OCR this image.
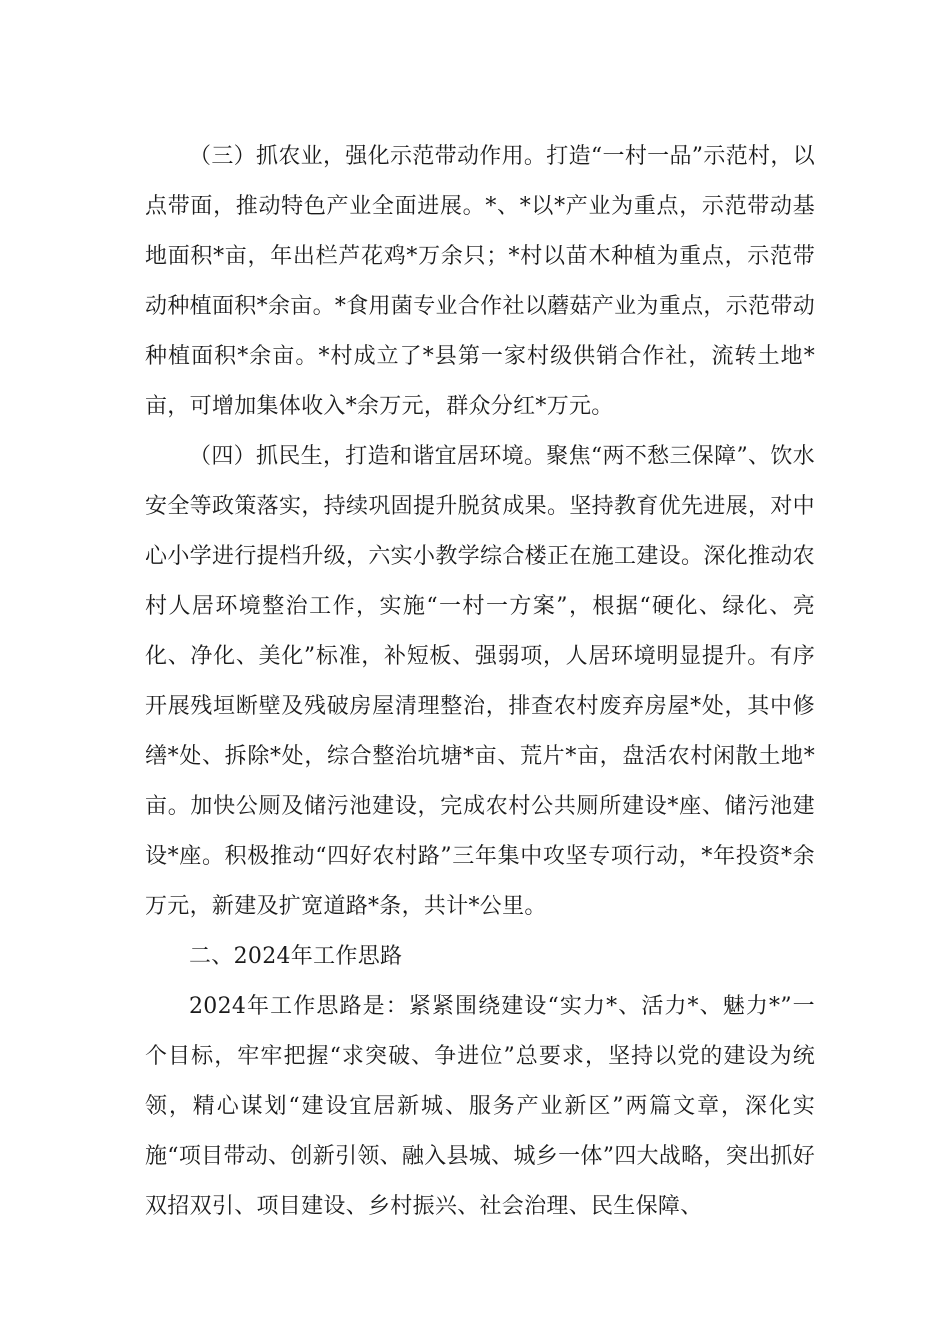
（三）抓农业，强化示范带动作用。打造“一村一品”示范村，以点带面，推动特色产业全面进展。*、*以*产业为重点，示范带动基地面积*亩，年出栏芦花鸡*万余只；*村以苗木种植为重点，示范带动种植面积*余亩。*食用菌专业合作社以蘑菇产业为重点，示范带动种植面积*余亩。*村成立了*县第一家村级供销合作社，流转土地*亩，可增加集体收入*余万元，群众分红*万元。

（四）抓民生，打造和谐宜居环境。聚焦“两不愁三保障”、饮水安全等政策落实，持续巩固提升脱贫成果。坚持教育优先进展，对中心小学进行提档升级，六实小教学综合楼正在施工建设。深化推动农村人居环境整治工作，实施“一村一方案”，根据“硬化、绿化、亮化、净化、美化”标准，补短板、强弱项，人居环境明显提升。有序开展残垣断壁及残破房屋清理整治，排查农村废弃房屋*处，其中修缮*处、拆除*处，综合整治坑塘*亩、荒片*亩，盘活农村闲散土地*亩。加快公厕及储污池建设，完成农村公共厕所建设*座、储污池建设*座。积极推动“四好农村路”三年集中攻坚专项行动，*年投资*余万元，新建及扩宽道路*条，共计*公里。

二、2024年工作思路

2024年工作思路是：紧紧围绕建设“实力*、活力*、魅力*”一个目标，牢牢把握“求突破、争进位”总要求，坚持以党的建设为统领，精心谋划“建设宜居新城、服务产业新区”两篇文章，深化实施“项目带动、创新引领、融入县城、城乡一体”四大战略，突出抓好双招双引、项目建设、乡村振兴、社会治理、民生保障、
